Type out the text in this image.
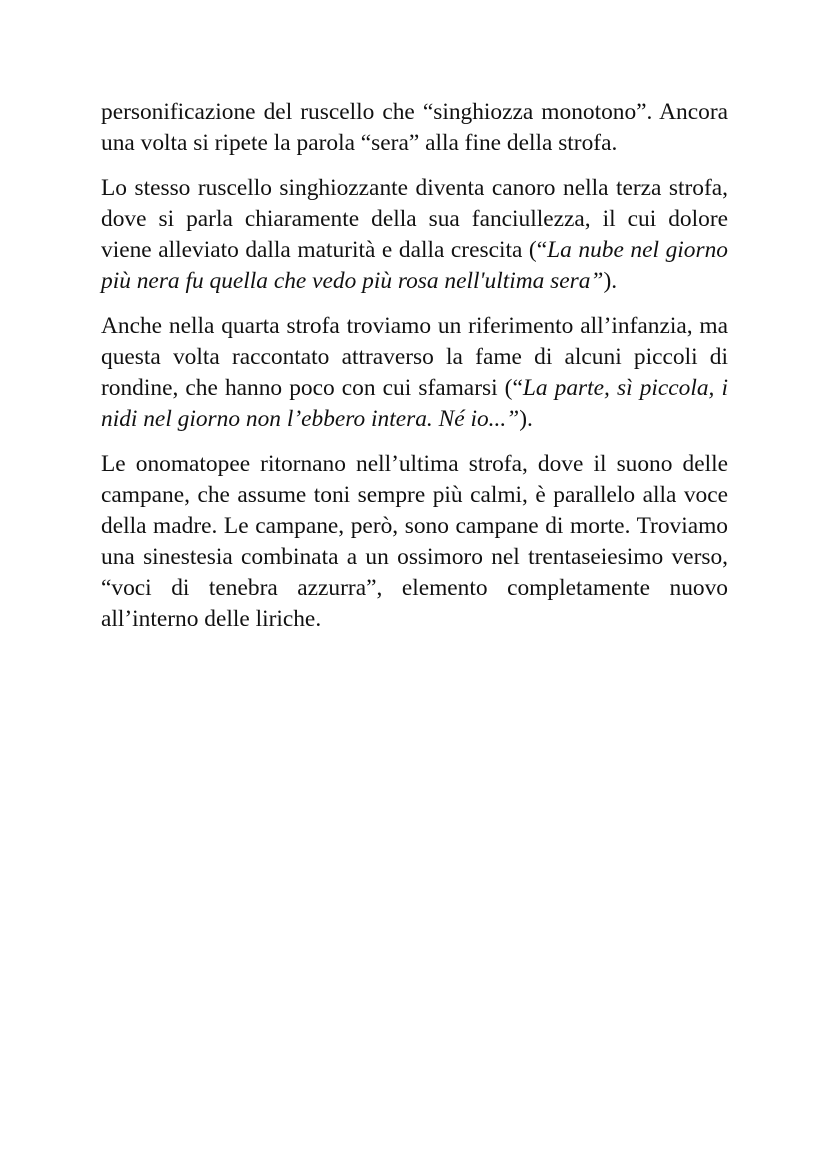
personificazione del ruscello che “singhiozza monotono”. Ancora una volta si ripete la parola “sera” alla fine della strofa.

Lo stesso ruscello singhiozzante diventa canoro nella terza strofa, dove si parla chiaramente della sua fanciullezza, il cui dolore viene alleviato dalla maturità e dalla crescita (“La nube nel giorno più nera fu quella che vedo più rosa nell'ultima sera”).

Anche nella quarta strofa troviamo un riferimento all’infanzia, ma questa volta raccontato attraverso la fame di alcuni piccoli di rondine, che hanno poco con cui sfamarsi (“La parte, sì piccola, i nidi nel giorno non l’ebbero intera. Né io...”).

Le onomatopee ritornano nell’ultima strofa, dove il suono delle campane, che assume toni sempre più calmi, è parallelo alla voce della madre. Le campane, però, sono campane di morte. Troviamo una sinestesia combinata a un ossimoro nel trentaseiesimo verso, “voci di tenebra azzurra”, elemento completamente nuovo all’interno delle liriche.
